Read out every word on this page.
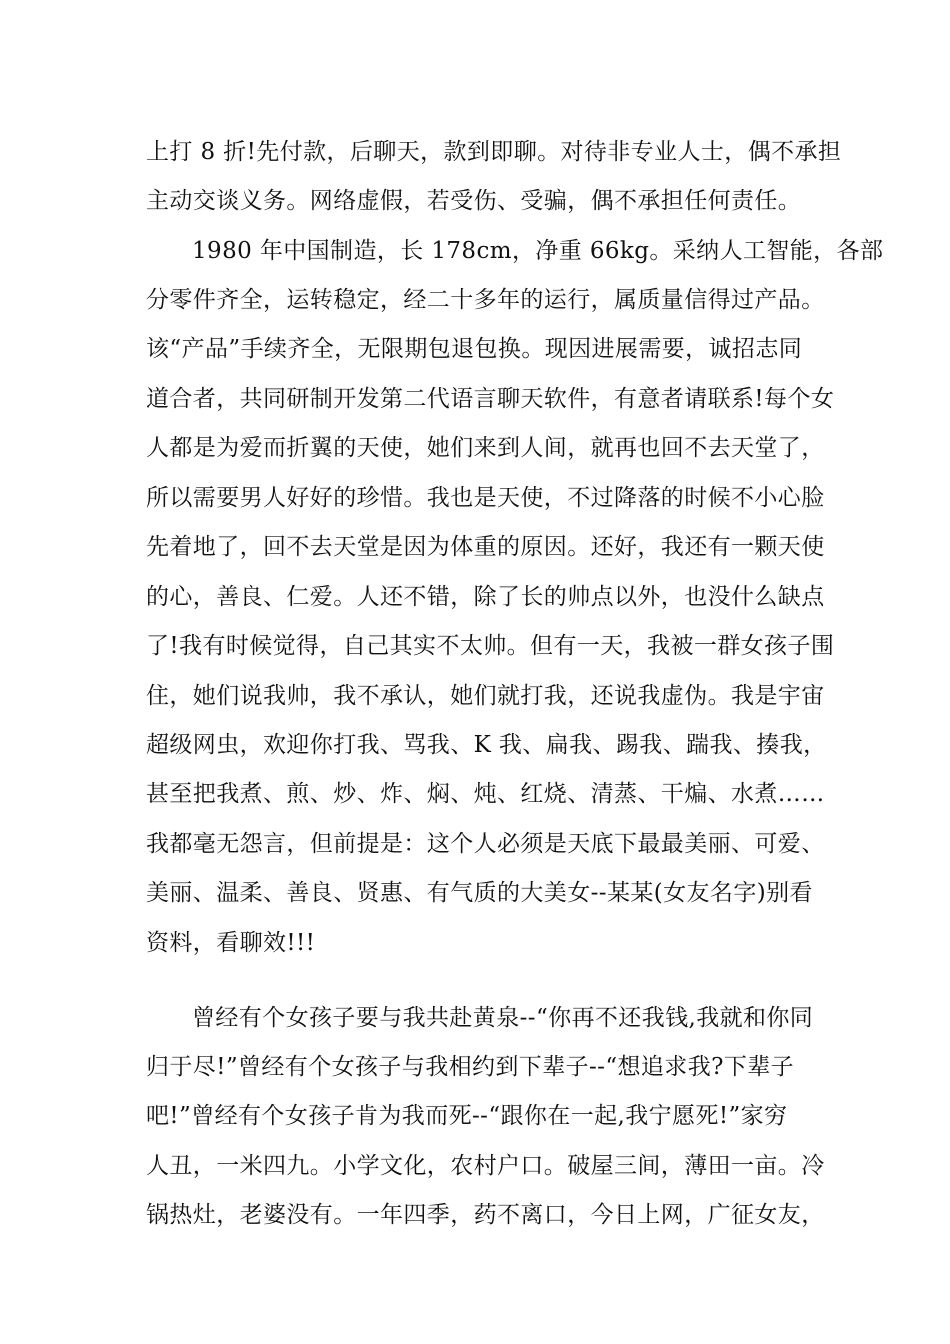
上打 8 折!先付款，后聊天，款到即聊。对待非专业人士，偶不承担
主动交谈义务。网络虚假，若受伤、受骗，偶不承担任何责任。
1980 年中国制造，长 178cm，净重 66kg。采纳人工智能，各部
分零件齐全，运转稳定，经二十多年的运行，属质量信得过产品。
该“产品”手续齐全，无限期包退包换。现因进展需要，诚招志同
道合者，共同研制开发第二代语言聊天软件，有意者请联系!每个女
人都是为爱而折翼的天使，她们来到人间，就再也回不去天堂了，
所以需要男人好好的珍惜。我也是天使，不过降落的时候不小心脸
先着地了，回不去天堂是因为体重的原因。还好，我还有一颗天使
的心，善良、仁爱。人还不错，除了长的帅点以外，也没什么缺点
了!我有时候觉得，自己其实不太帅。但有一天，我被一群女孩子围
住，她们说我帅，我不承认，她们就打我，还说我虚伪。我是宇宙
超级网虫，欢迎你打我、骂我、K 我、扁我、踢我、踹我、揍我，
甚至把我煮、煎、炒、炸、焖、炖、红烧、清蒸、干煸、水煮……
我都毫无怨言，但前提是：这个人必须是天底下最最美丽、可爱、
美丽、温柔、善良、贤惠、有气质的大美女--某某(女友名字)别看
资料，看聊效!!!
曾经有个女孩子要与我共赴黄泉--“你再不还我钱,我就和你同
归于尽!”曾经有个女孩子与我相约到下辈子--“想追求我?下辈子
吧!”曾经有个女孩子肯为我而死--“跟你在一起,我宁愿死!”家穷
人丑，一米四九。小学文化，农村户口。破屋三间，薄田一亩。冷
锅热灶，老婆没有。一年四季，药不离口，今日上网，广征女友，
